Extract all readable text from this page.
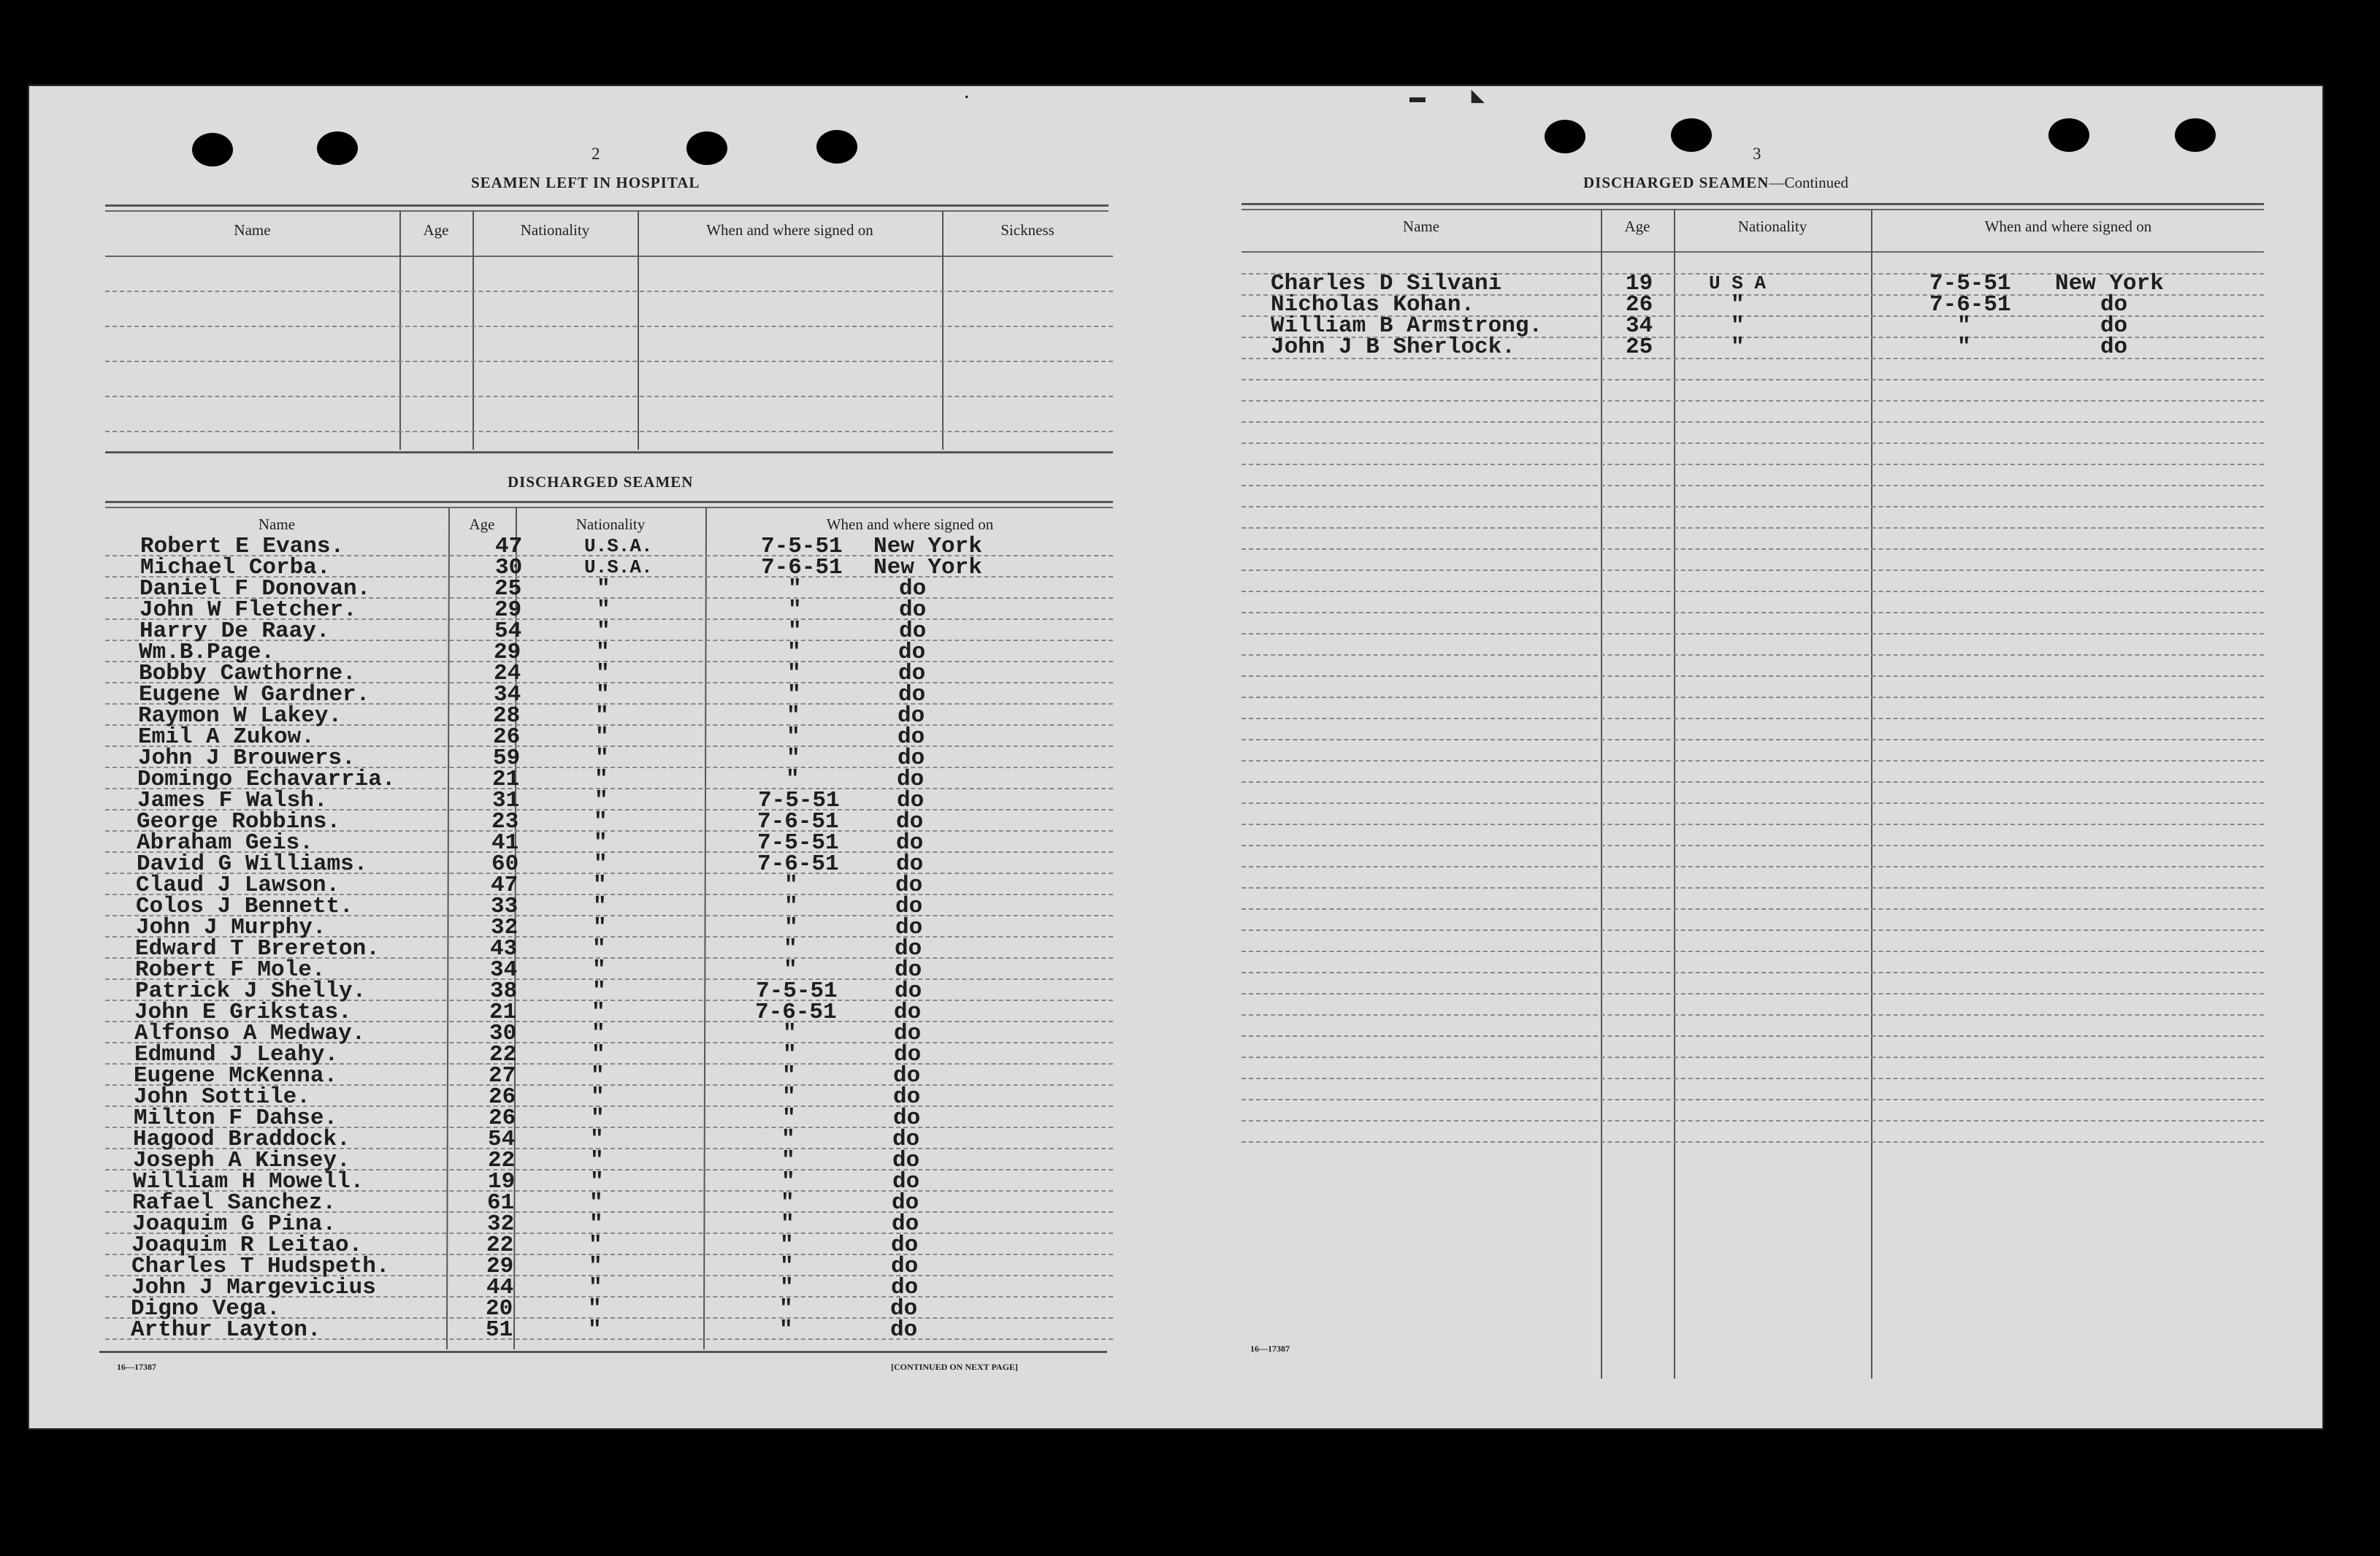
·	▬	◣
2
SEAMEN LEFT IN HOSPITAL
Name	Age	Nationality	When and where signed on	Sickness
DISCHARGED SEAMEN
Name	Age	Nationality	When and where signed on
Robert E Evans.	47	U.S.A.	7-5-51 New York
Michael Corba.	30	U.S.A.	7-6-51 New York
Daniel F Donovan.	25	"	"	do
John W Fletcher.	29	"	"	do
Harry De Raay.	54	"	"	do
Wm.B.Page.	29	"	"	do
Bobby Cawthorne.	24	"	"	do
Eugene W Gardner.	34	"	"	do
Raymon W Lakey.	28	"	"	do
Emil A Zukow.	26	"	"	do
John J Brouwers.	59	"	"	do
Domingo Echavarria.	21	"	"	do
James F Walsh.	31	"	7-5-51	do
George Robbins.	23	"	7-6-51	do
Abraham Geis.	41	"	7-5-51	do
David G Williams.	60	"	7-6-51	do
Claud J Lawson.	47	"	"	do
Colos J Bennett.	33	"	"	do
John J Murphy.	32	"	"	do
Edward T Brereton.	43	"	"	do
Robert F Mole.	34	"	"	do
Patrick J Shelly.	38	"	7-5-51	do
John E Grikstas.	21	"	7-6-51	do
Alfonso A Medway.	30	"	"	do
Edmund J Leahy.	22	"	"	do
Eugene McKenna.	27	"	"	do
John Sottile.	26	"	"	do
Milton F Dahse.	26	"	"	do
Hagood Braddock.	54	"	"	do
Joseph A Kinsey.	22	"	"	do
William H Mowell.	19	"	"	do
Rafael Sanchez.	61	"	"	do
Joaquim G Pina.	32	"	"	do
Joaquim R Leitao.	22	"	"	do
Charles T Hudspeth.	29	"	"	do
John J Margevicius	44	"	"	do
Digno Vega.	20	"	"	do
Arthur Layton.	51	"	"	do
16—17387	[CONTINUED ON NEXT PAGE]
3
DISCHARGED SEAMEN—Continued
Name	Age	Nationality	When and where signed on
Charles D Silvani	19	U S A	7-5-51 New York
Nicholas Kohan.	26	"	7-6-51	do
William B Armstrong.	34	"	"	do
John J B Sherlock.	25	"	"	do
16—17387
